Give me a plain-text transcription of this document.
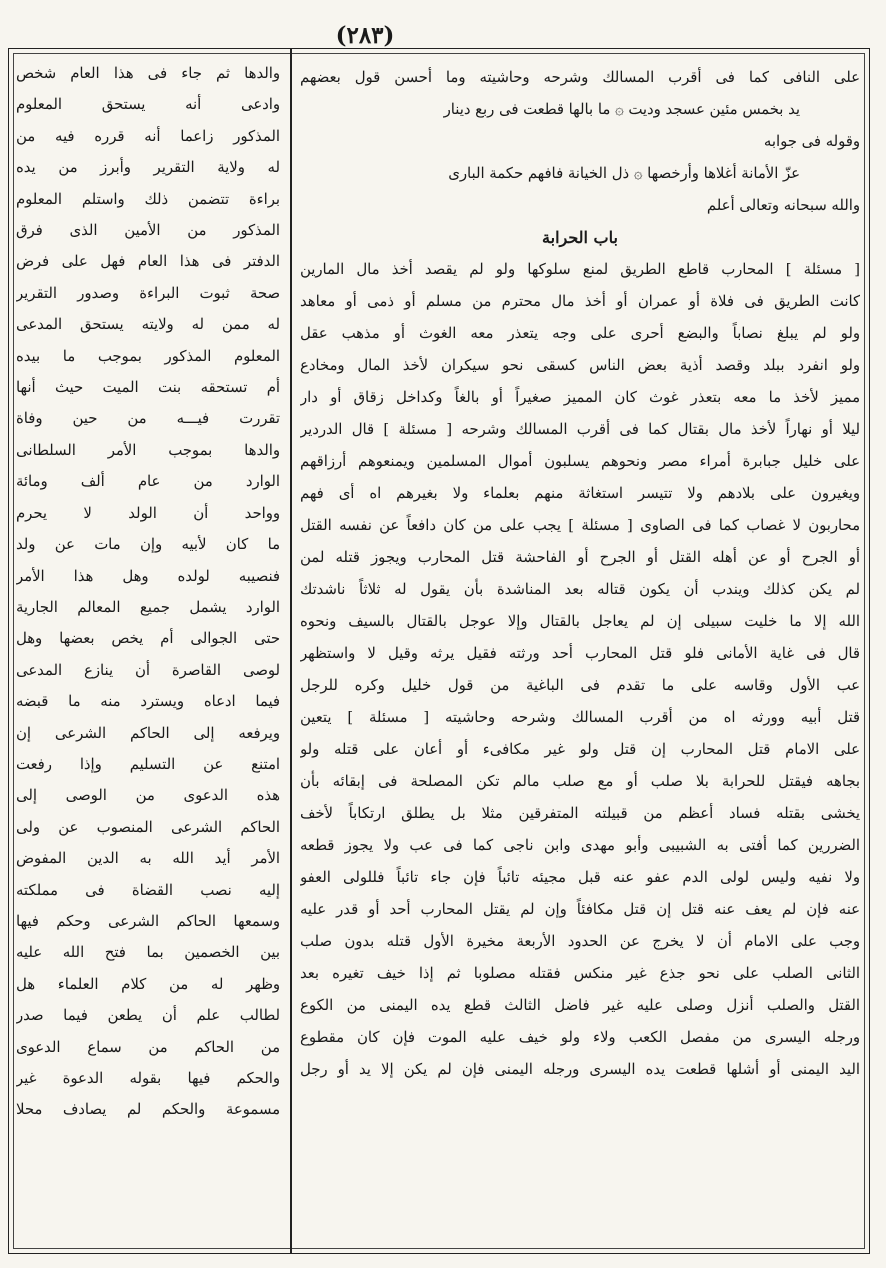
(٢٨٣)
على النافى كما فى أقرب المسالك وشرحه وحاشيته وما أحسن قول بعضهم
يد بخمس مئين عسجد وديت ۞ ما بالها قطعت فى ربع دينار
وقوله فى جوابه
عزّ الأمانة أغلاها وأرخصها ۞ ذل الخيانة فافهم حكمة البارى
والله سبحانه وتعالى أعلم
باب الحرابة
[ مسئلة ] المحارب قاطع الطريق لمنع سلوكها ولو لم يقصد أخذ مال المارين
كانت الطريق فى فلاة أو عمران أو أخذ مال محترم من مسلم أو ذمى أو معاهد
ولو لم يبلغ نصاباً والبضع أحرى على وجه يتعذر معه الغوث أو مذهب عقل
ولو انفرد ببلد وقصد أذية بعض الناس كسقى نحو سيكران لأخذ المال ومخادع
مميز لأخذ ما معه بتعذر غوث كان المميز صغيراً أو بالغاً وكداخل زقاق أو دار
ليلا أو نهاراً لأخذ مال بقتال كما فى أقرب المسالك وشرحه [ مسئلة ] قال الدردير
على خليل جبابرة أمراء مصر ونحوهم يسلبون أموال المسلمين ويمنعوهم أرزاقهم
ويغيرون على بلادهم ولا تتيسر استغاثة منهم بعلماء ولا بغيرهم اه أى فهم
محاربون لا غصاب كما فى الصاوى [ مسئلة ] يجب على من كان دافعاً عن نفسه القتل
أو الجرح أو عن أهله القتل أو الجرح أو الفاحشة قتل المحارب ويجوز قتله لمن
لم يكن كذلك ويندب أن يكون قتاله بعد المناشدة بأن يقول له ثلاثاً ناشدتك
الله إلا ما خليت سبيلى إن لم يعاجل بالقتال وإلا عوجل بالقتال بالسيف ونحوه
قال فى غاية الأمانى فلو قتل المحارب أحد ورثته فقيل يرثه وقيل لا واستظهر
عب الأول وقاسه على ما تقدم فى الباغية من قول خليل وكره للرجل
قتل أبيه وورثه اه من أقرب المسالك وشرحه وحاشيته [ مسئلة ] يتعين
على الامام قتل المحارب إن قتل ولو غير مكافىء أو أعان على قتله ولو
بجاهه فيقتل للحرابة بلا صلب أو مع صلب مالم تكن المصلحة فى إبقائه بأن
يخشى بقتله فساد أعظم من قبيلته المتفرقين مثلا بل يطلق ارتكاباً لأخف
الضررين كما أفتى به الشبيبى وأبو مهدى وابن ناجى كما فى عب ولا يجوز قطعه
ولا نفيه وليس لولى الدم عفو عنه قبل مجيئه تائباً فإن جاء تائباً فللولى العفو
عنه فإن لم يعف عنه قتل إن قتل مكافئاً وإن لم يقتل المحارب أحد أو قدر عليه
وجب على الامام أن لا يخرج عن الحدود الأربعة مخيرة الأول قتله بدون صلب
الثانى الصلب على نحو جذع غير منكس فقتله مصلوبا ثم إذا خيف تغيره بعد
القتل والصلب أنزل وصلى عليه غير فاضل الثالث قطع يده اليمنى من الكوع
ورجله اليسرى من مفصل الكعب ولاء ولو خيف عليه الموت فإن كان مقطوع
اليد اليمنى أو أشلها قطعت يده اليسرى ورجله اليمنى فإن لم يكن إلا يد أو رجل
والدها ثم جاء فى هذا العام شخص
وادعى أنه يستحق المعلوم
المذكور زاعما أنه قرره فيه من
له ولاية التقرير وأبرز من يده
براءة تتضمن ذلك واستلم المعلوم
المذكور من الأمين الذى فرق
الدفتر فى هذا العام فهل على فرض
صحة ثبوت البراءة وصدور التقرير
له ممن له ولايته يستحق المدعى
المعلوم المذكور بموجب ما بيده
أم تستحقه بنت الميت حيث أنها
تقررت فيـــه من حين وفاة
والدها بموجب الأمر السلطانى
الوارد من عام ألف ومائة
وواحد أن الولد لا يحرم
ما كان لأبيه وإن مات عن ولد
فنصيبه لولده وهل هذا الأمر
الوارد يشمل جميع المعالم الجارية
حتى الجوالى أم يخص بعضها وهل
لوصى القاصرة أن ينازع المدعى
فيما ادعاه ويسترد منه ما قبضه
ويرفعه إلى الحاكم الشرعى إن
امتنع عن التسليم وإذا رفعت
هذه الدعوى من الوصى إلى
الحاكم الشرعى المنصوب عن ولى
الأمر أيد الله به الدين المفوض
إليه نصب القضاة فى مملكته
وسمعها الحاكم الشرعى وحكم فيها
بين الخصمين بما فتح الله عليه
وظهر له من كلام العلماء هل
لطالب علم أن يطعن فيما صدر
من الحاكم من سماع الدعوى
والحكم فيها بقوله الدعوة غير
مسموعة والحكم لم يصادف محلا
